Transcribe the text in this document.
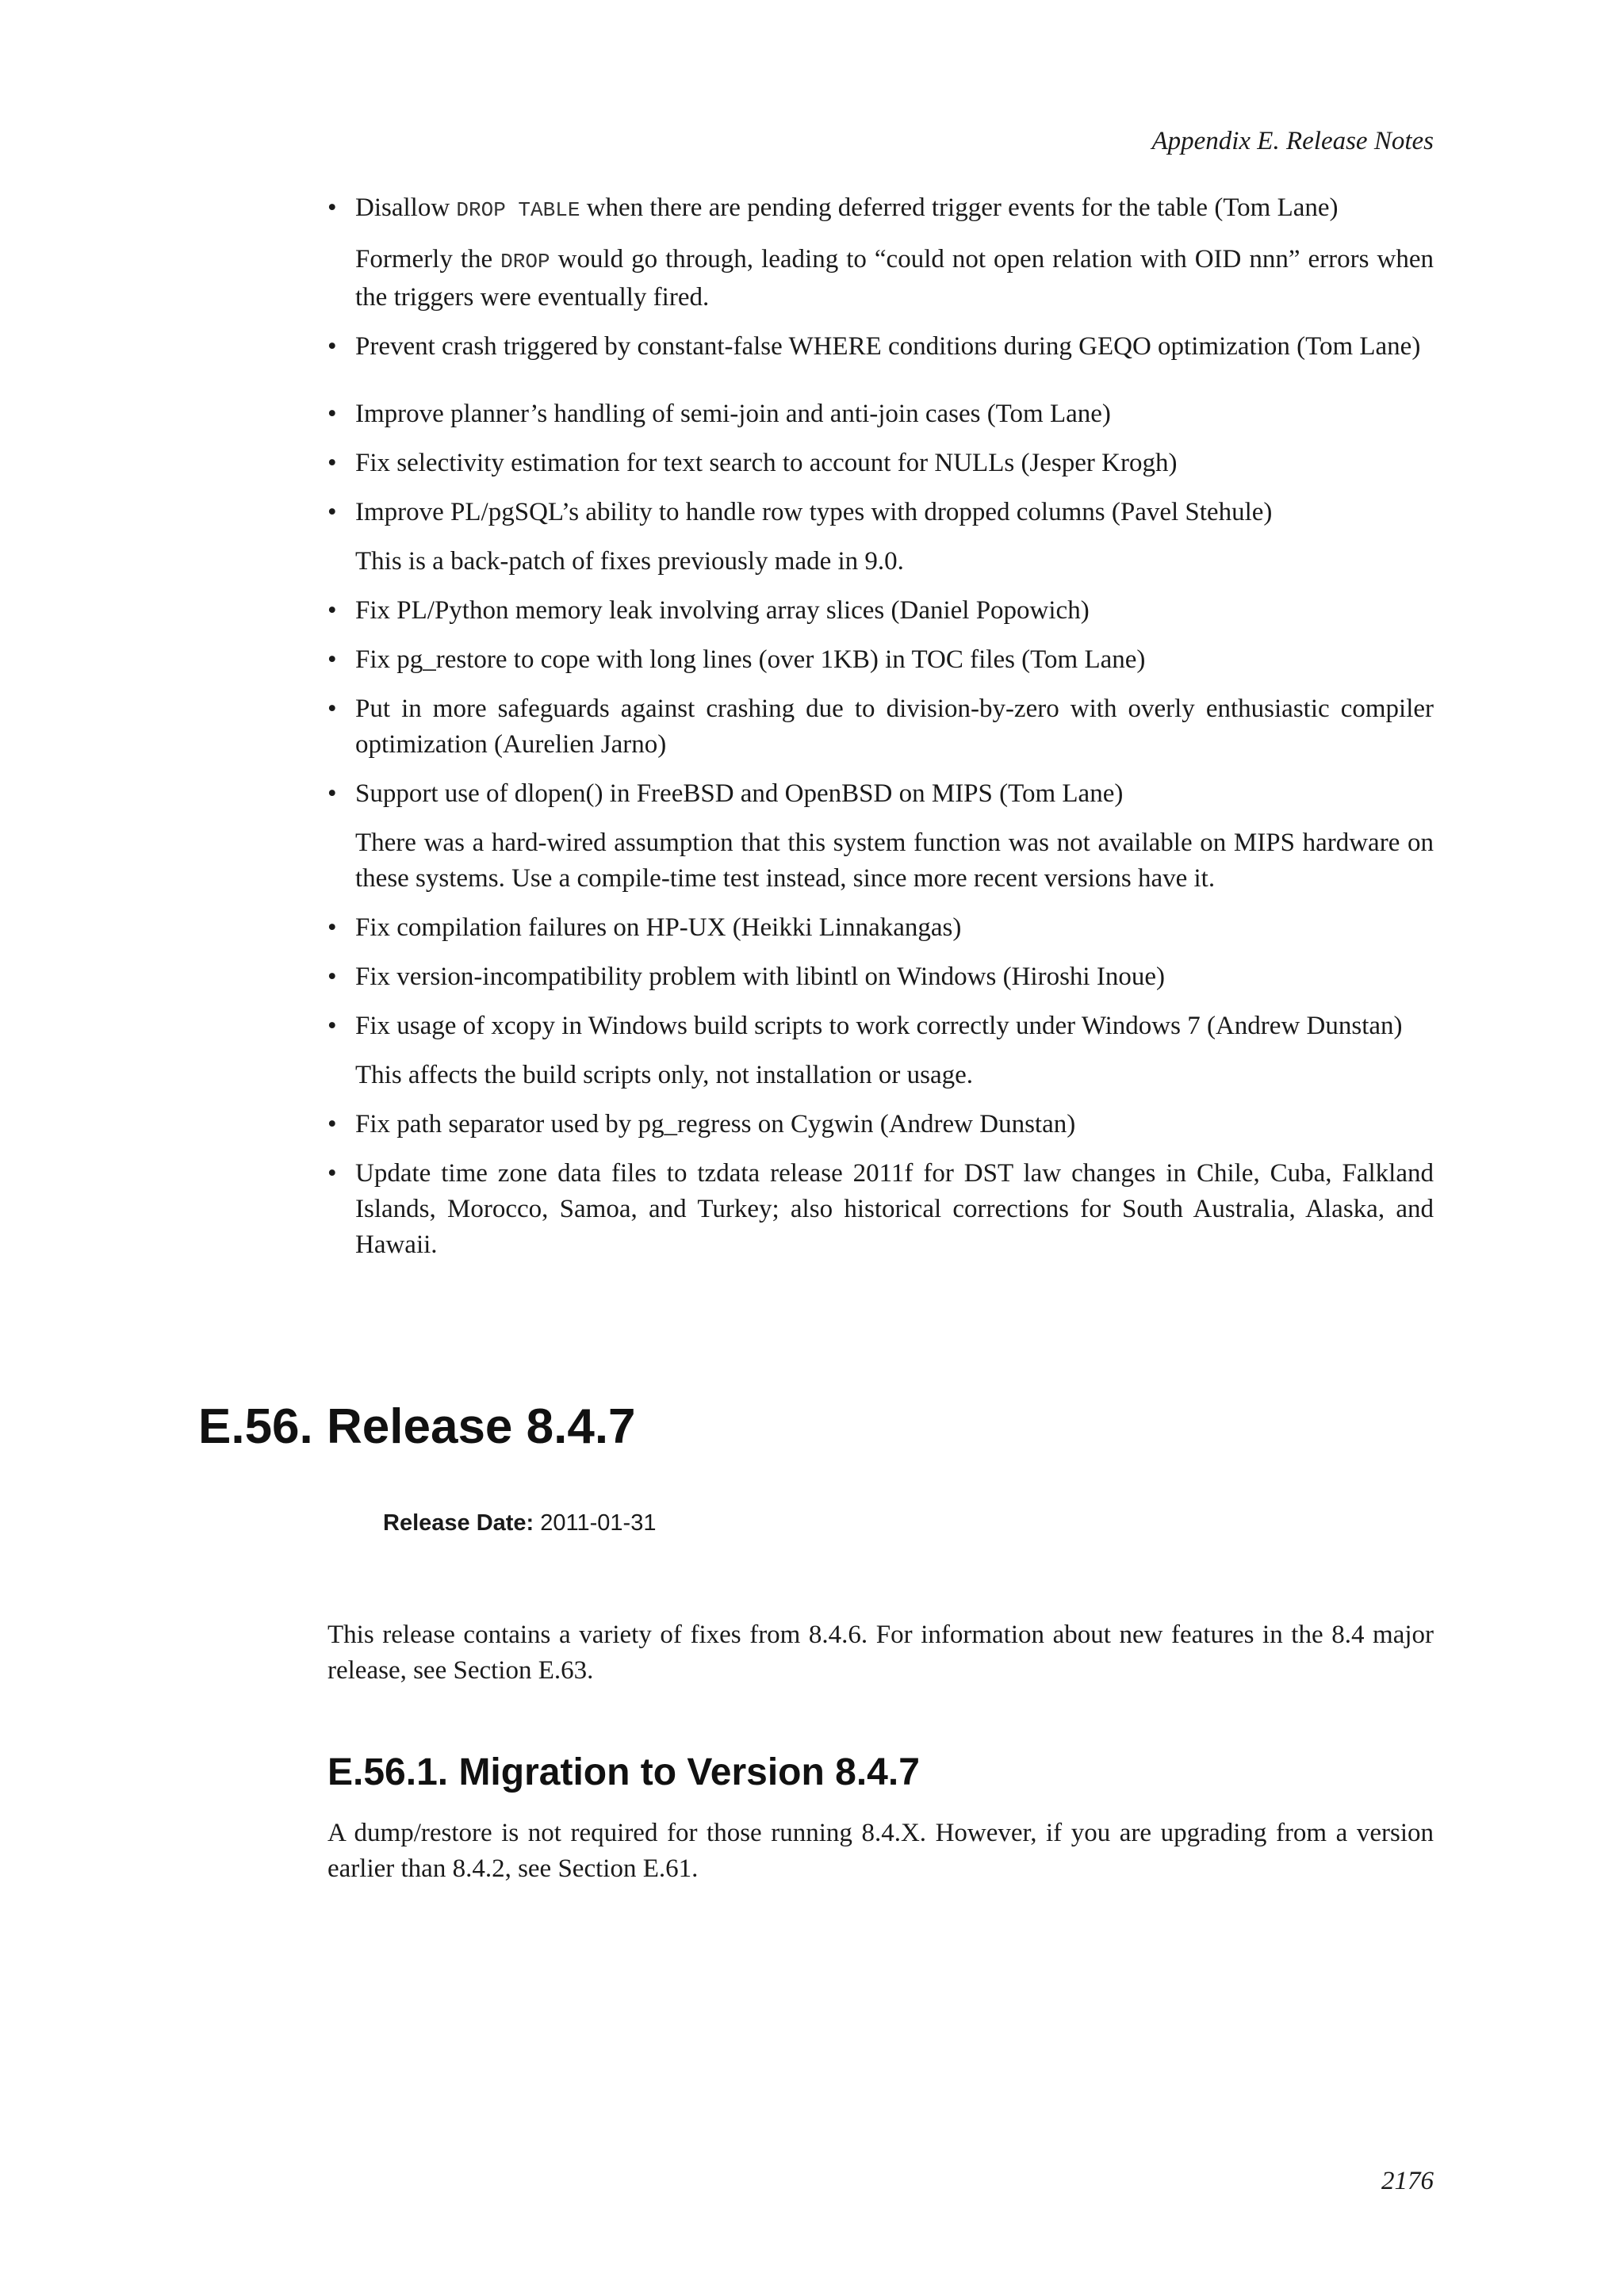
Appendix E. Release Notes
• Disallow DROP TABLE when there are pending deferred trigger events for the table (Tom Lane)
Formerly the DROP would go through, leading to “could not open relation with OID nnn” errors when the triggers were eventually fired.
• Prevent crash triggered by constant-false WHERE conditions during GEQO optimization (Tom Lane)
• Improve planner’s handling of semi-join and anti-join cases (Tom Lane)
• Fix selectivity estimation for text search to account for NULLs (Jesper Krogh)
• Improve PL/pgSQL’s ability to handle row types with dropped columns (Pavel Stehule)
This is a back-patch of fixes previously made in 9.0.
• Fix PL/Python memory leak involving array slices (Daniel Popowich)
• Fix pg_restore to cope with long lines (over 1KB) in TOC files (Tom Lane)
• Put in more safeguards against crashing due to division-by-zero with overly enthusiastic compiler optimization (Aurelien Jarno)
• Support use of dlopen() in FreeBSD and OpenBSD on MIPS (Tom Lane)
There was a hard-wired assumption that this system function was not available on MIPS hardware on these systems. Use a compile-time test instead, since more recent versions have it.
• Fix compilation failures on HP-UX (Heikki Linnakangas)
• Fix version-incompatibility problem with libintl on Windows (Hiroshi Inoue)
• Fix usage of xcopy in Windows build scripts to work correctly under Windows 7 (Andrew Dunstan)
This affects the build scripts only, not installation or usage.
• Fix path separator used by pg_regress on Cygwin (Andrew Dunstan)
• Update time zone data files to tzdata release 2011f for DST law changes in Chile, Cuba, Falkland Islands, Morocco, Samoa, and Turkey; also historical corrections for South Australia, Alaska, and Hawaii.
E.56. Release 8.4.7
Release Date: 2011-01-31

This release contains a variety of fixes from 8.4.6. For information about new features in the 8.4 major release, see Section E.63.

E.56.1. Migration to Version 8.4.7

A dump/restore is not required for those running 8.4.X. However, if you are upgrading from a version earlier than 8.4.2, see Section E.61.

2176
